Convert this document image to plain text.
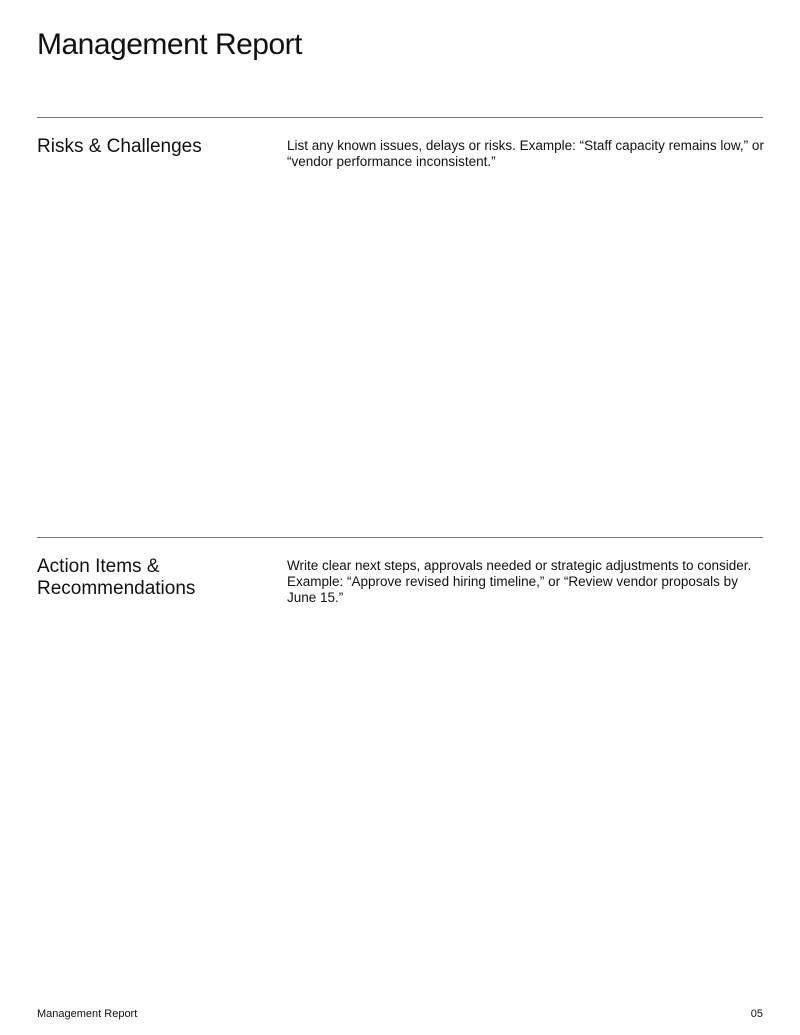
Management Report
Risks & Challenges	List any known issues, delays or risks. Example: “Staff capacity remains low,” or “vendor performance inconsistent.”
Action Items & Recommendations
Write clear next steps, approvals needed or strategic adjustments to consider. Example: “Approve revised hiring timeline,” or “Review vendor proposals by June 15.”
Management Report	05
